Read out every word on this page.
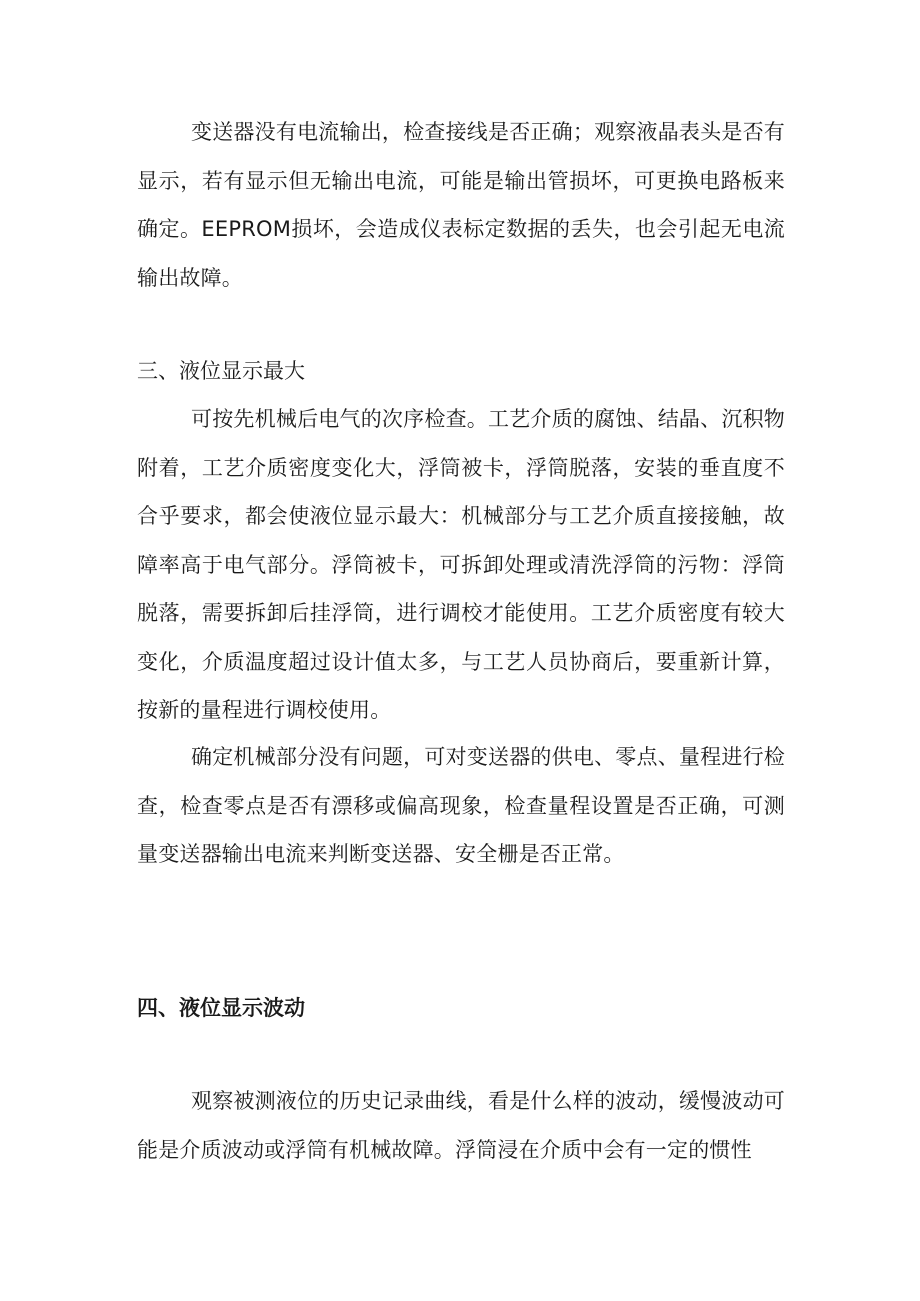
变送器没有电流输出，检查接线是否正确；观察液晶表头是否有显示，若有显示但无输出电流，可能是输出管损坏，可更换电路板来确定。EEPROM损坏，会造成仪表标定数据的丢失，也会引起无电流输出故障。

三、液位显示最大

可按先机械后电气的次序检查。工艺介质的腐蚀、结晶、沉积物附着，工艺介质密度变化大，浮筒被卡，浮筒脱落，安装的垂直度不合乎要求，都会使液位显示最大：机械部分与工艺介质直接接触，故障率高于电气部分。浮筒被卡，可拆卸处理或清洗浮筒的污物：浮筒脱落，需要拆卸后挂浮筒，进行调校才能使用。工艺介质密度有较大变化，介质温度超过设计值太多，与工艺人员协商后，要重新计算，按新的量程进行调校使用。

确定机械部分没有问题，可对变送器的供电、零点、量程进行检查，检查零点是否有漂移或偏高现象，检查量程设置是否正确，可测量变送器输出电流来判断变送器、安全栅是否正常。

四、液位显示波动

观察被测液位的历史记录曲线，看是什么样的波动，缓慢波动可能是介质波动或浮筒有机械故障。浮筒浸在介质中会有一定的惯性
